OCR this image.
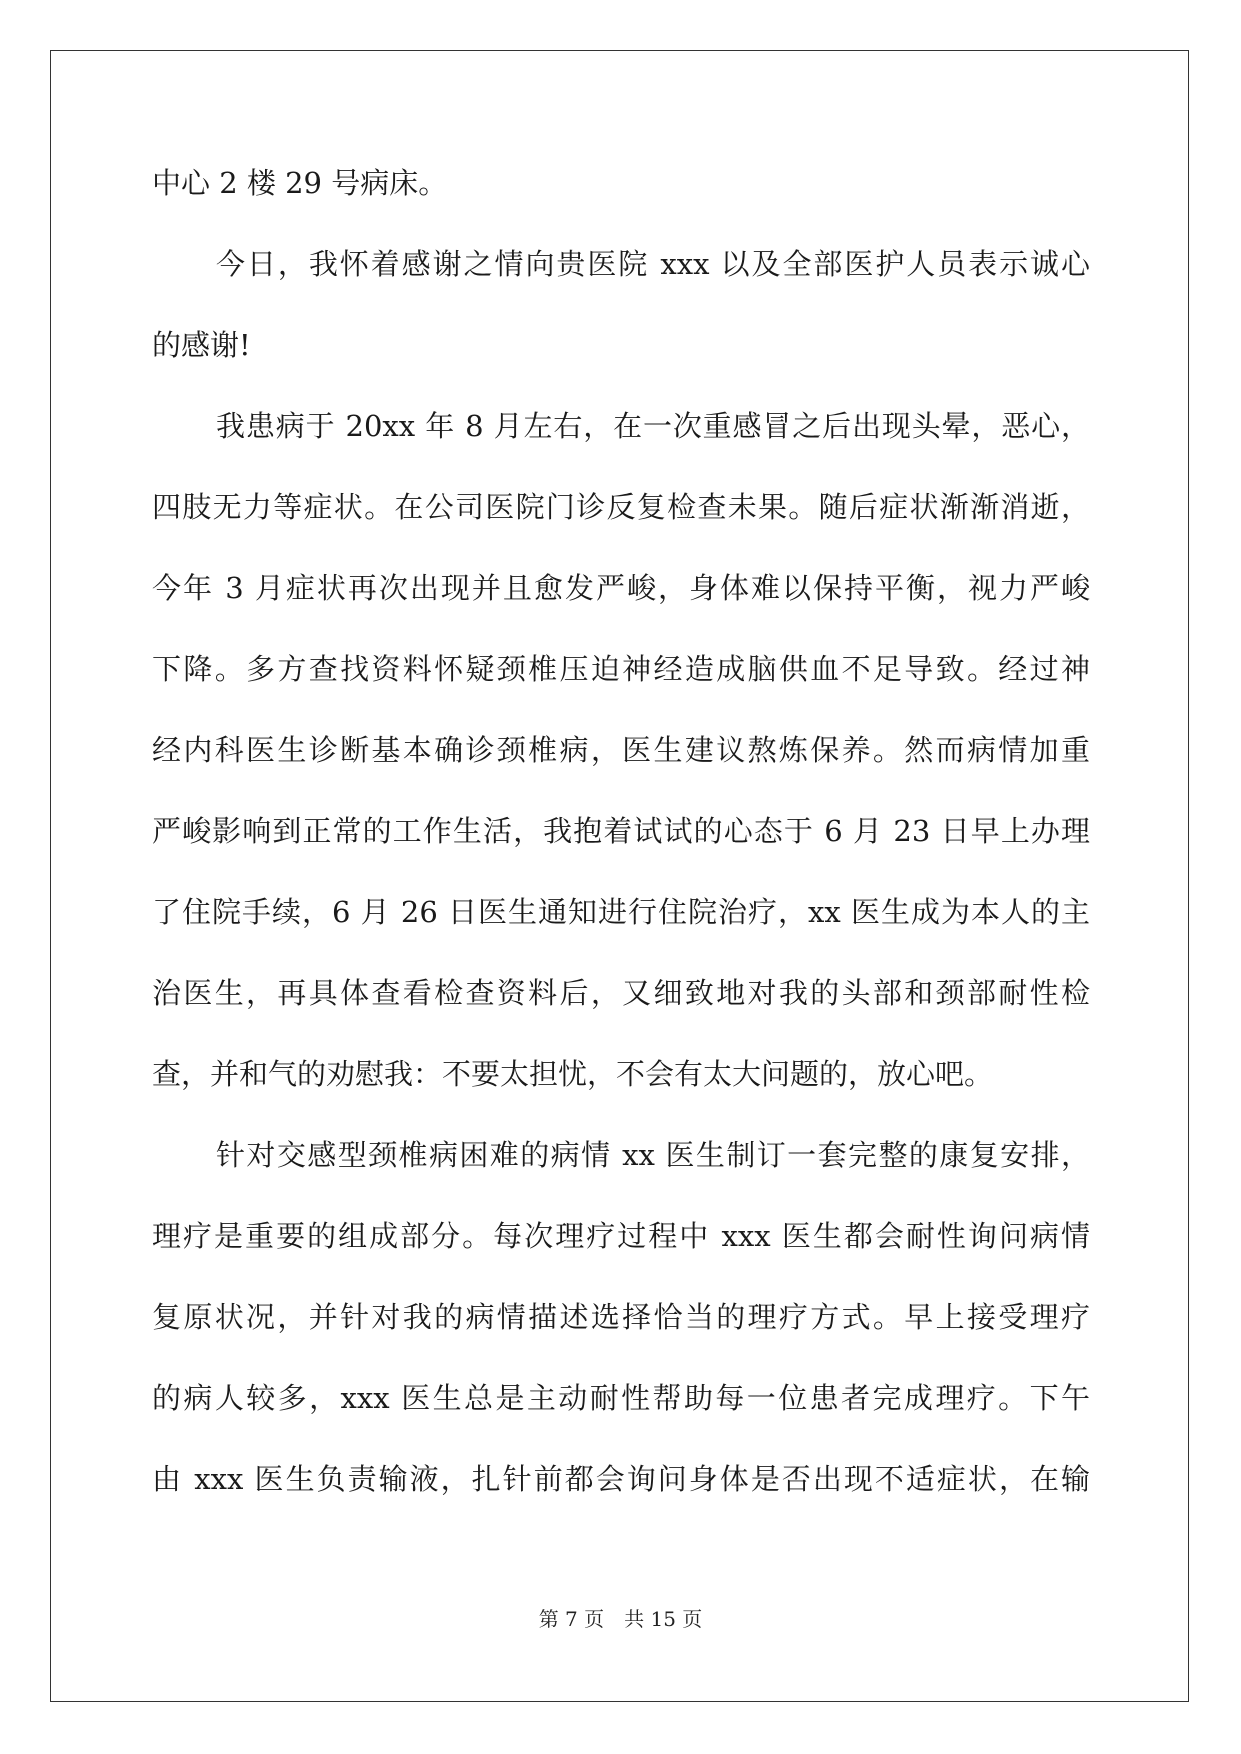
中心 2 楼 29 号病床。

今日，我怀着感谢之情向贵医院 xxx 以及全部医护人员表示诚心

的感谢!

我患病于 20xx 年 8 月左右，在一次重感冒之后出现头晕，恶心，

四肢无力等症状。在公司医院门诊反复检查未果。随后症状渐渐消逝，

今年 3 月症状再次出现并且愈发严峻，身体难以保持平衡，视力严峻

下降。多方查找资料怀疑颈椎压迫神经造成脑供血不足导致。经过神

经内科医生诊断基本确诊颈椎病，医生建议熬炼保养。然而病情加重

严峻影响到正常的工作生活，我抱着试试的心态于 6 月 23 日早上办理

了住院手续，6 月 26 日医生通知进行住院治疗，xx 医生成为本人的主

治医生，再具体查看检查资料后，又细致地对我的头部和颈部耐性检

查，并和气的劝慰我：不要太担忧，不会有太大问题的，放心吧。

针对交感型颈椎病困难的病情 xx 医生制订一套完整的康复安排，

理疗是重要的组成部分。每次理疗过程中 xxx 医生都会耐性询问病情

复原状况，并针对我的病情描述选择恰当的理疗方式。早上接受理疗

的病人较多，xxx 医生总是主动耐性帮助每一位患者完成理疗。下午

由 xxx 医生负责输液，扎针前都会询问身体是否出现不适症状，在输

第 7 页　共 15 页
